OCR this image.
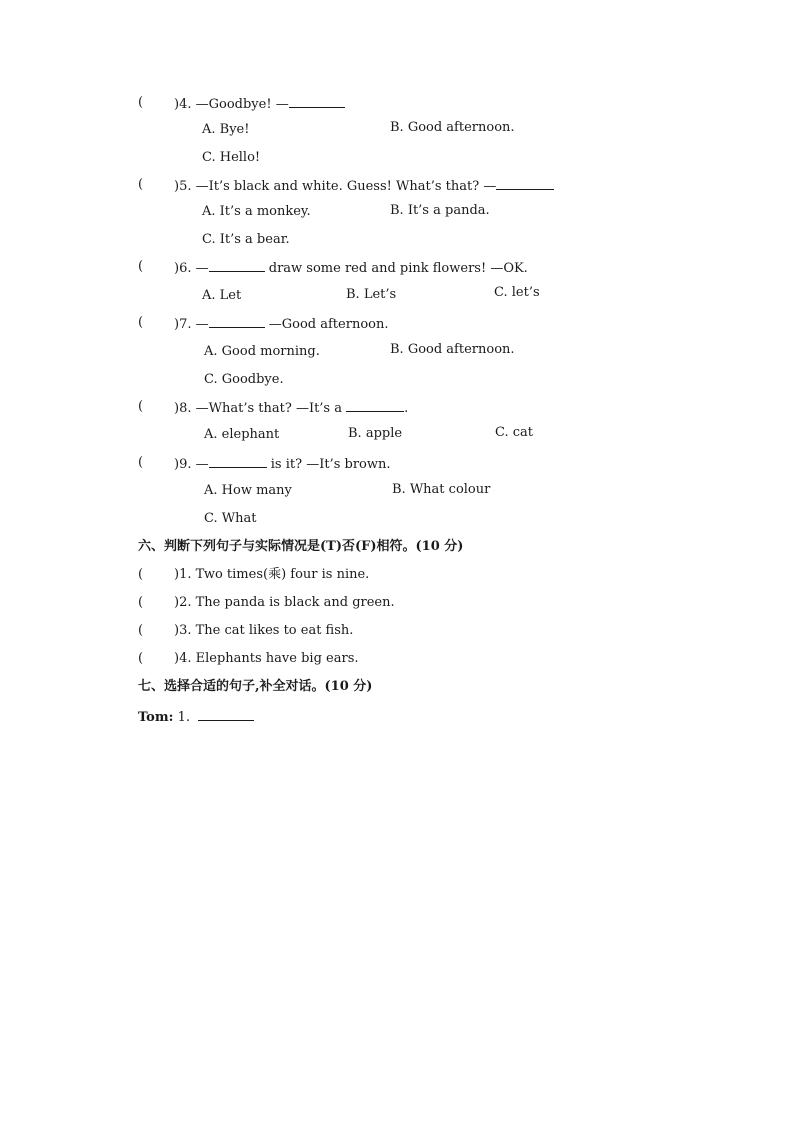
( )4. —Goodbye! —
A. Bye!	B. Good afternoon.
C. Hello!
( )5. —It’s black and white. Guess! What’s that? —
A. It’s a monkey.	B. It’s a panda.
C. It’s a bear.
( )6. —	draw some red and pink flowers! —OK.
A. Let	B. Let’s	C. let’s
( )7. —	—Good afternoon.
A. Good morning.	B. Good afternoon.
C. Goodbye.
( )8. —What’s that? —It’s a	.
A. elephant	B. apple	C. cat
( )9. —	is it? —It’s brown.
A. How many	B. What colour
C. What
六、判断下列句子与实际情况是(T)否(F)相符。(10 分)
( )1. Two times(乘) four is nine.
( )2. The panda is black and green.
( )3. The cat likes to eat fish.
( )4. Elephants have big ears.
七、选择合适的句子,补全对话。(10 分)
Tom: 1.
